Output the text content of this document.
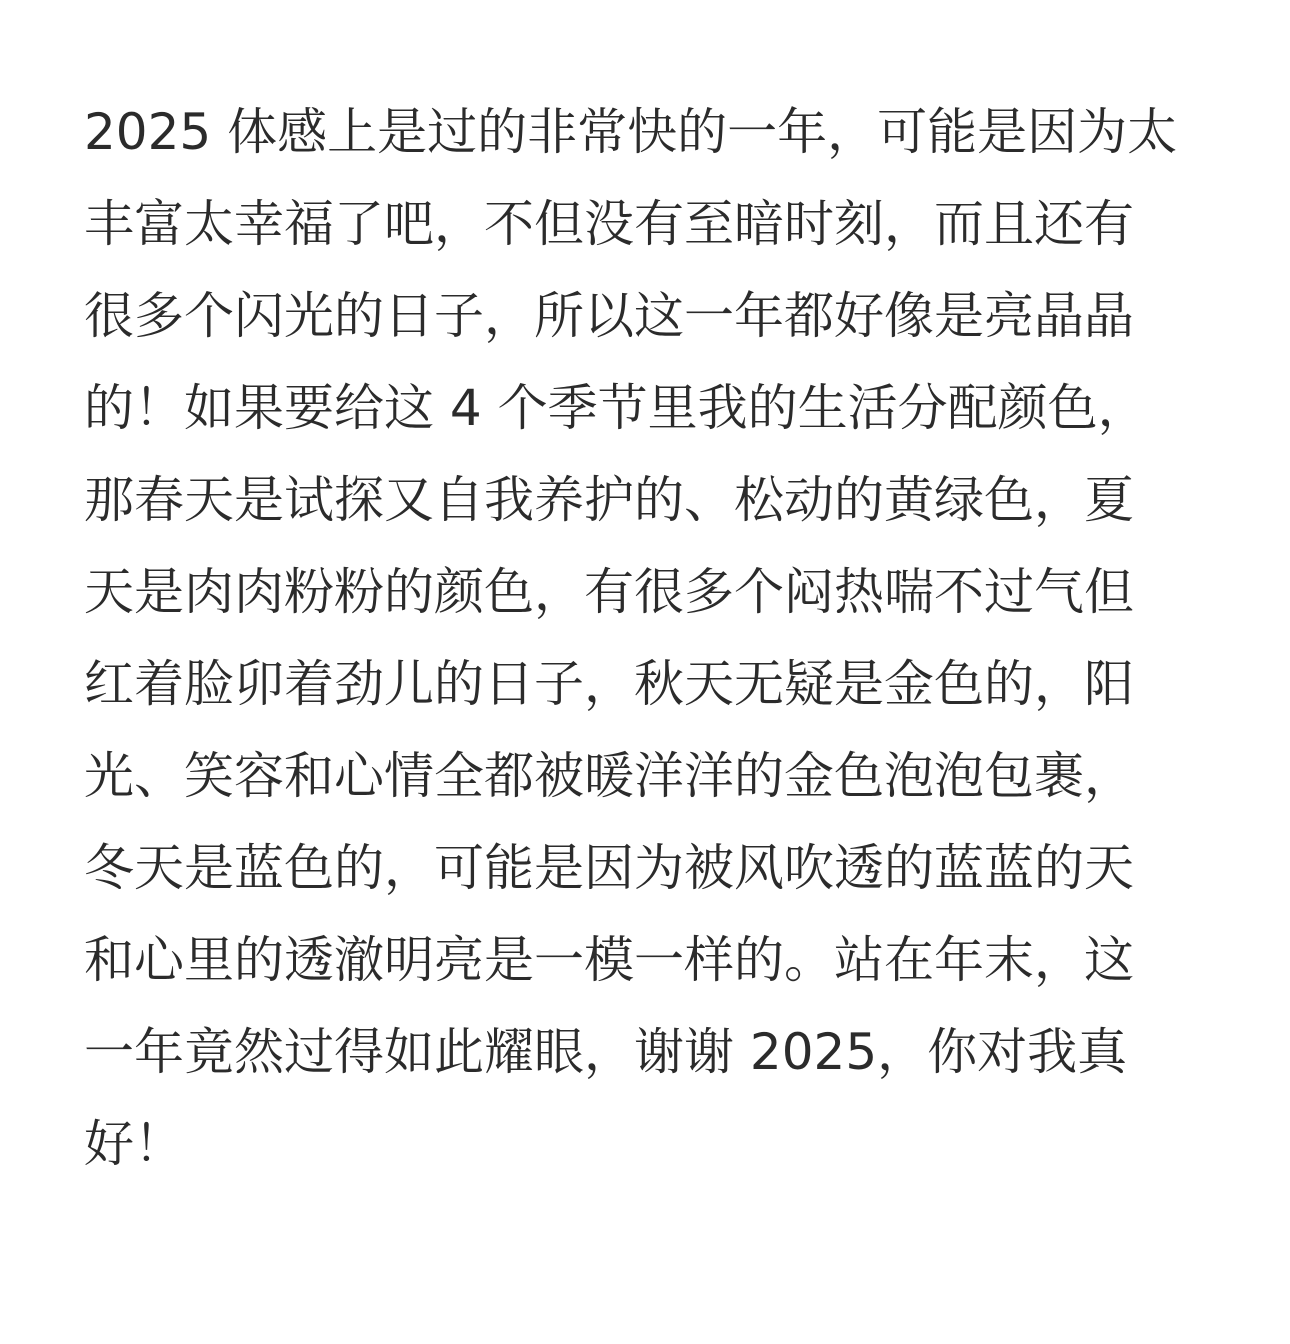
2025 体感上是过的非常快的一年，可能是因为太
丰富太幸福了吧，不但没有至暗时刻，而且还有
很多个闪光的日子，所以这一年都好像是亮晶晶
的！如果要给这 4 个季节里我的生活分配颜色，
那春天是试探又自我养护的、松动的黄绿色，夏
天是肉肉粉粉的颜色，有很多个闷热喘不过气但
红着脸卯着劲儿的日子，秋天无疑是金色的，阳
光、笑容和心情全都被暖洋洋的金色泡泡包裹，
冬天是蓝色的，可能是因为被风吹透的蓝蓝的天
和心里的透澈明亮是一模一样的。站在年末，这
一年竟然过得如此耀眼，谢谢 2025，你对我真
好！
